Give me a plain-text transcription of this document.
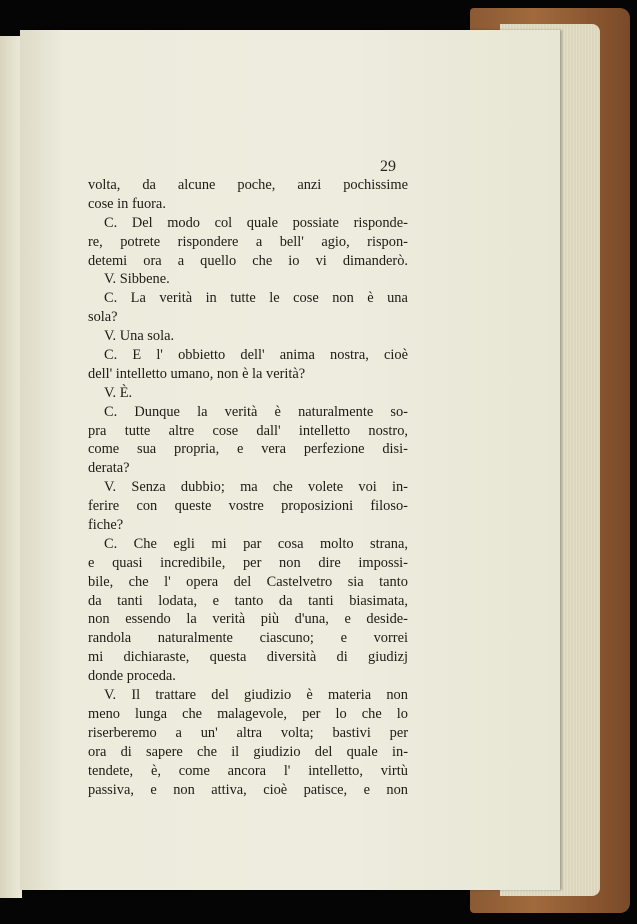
29
volta, da alcune poche, anzi pochissime
cose in fuora.
C. Del modo col quale possiate risponde-
re, potrete rispondere a bell' agio, rispon-
detemi ora a quello che io vi dimanderò.
V. Sibbene.
C. La verità in tutte le cose non è una
sola?
V. Una sola.
C. E l' obbietto dell' anima nostra, cioè
dell' intelletto umano, non è la verità?
V. È.
C. Dunque la verità è naturalmente so-
pra tutte altre cose dall' intelletto nostro,
come sua propria, e vera perfezione disi-
derata?
V. Senza dubbio; ma che volete voi in-
ferire con queste vostre proposizioni filoso-
fiche?
C. Che egli mi par cosa molto strana,
e quasi incredibile, per non dire impossi-
bile, che l' opera del Castelvetro sia tanto
da tanti lodata, e tanto da tanti biasimata,
non essendo la verità più d'una, e deside-
randola naturalmente ciascuno; e vorrei
mi dichiaraste, questa diversità di giudizj
donde proceda.
V. Il trattare del giudizio è materia non
meno lunga che malagevole, per lo che lo
riserberemo a un' altra volta; bastivi per
ora di sapere che il giudizio del quale in-
tendete, è, come ancora l' intelletto, virtù
passiva, e non attiva, cioè patisce, e non
